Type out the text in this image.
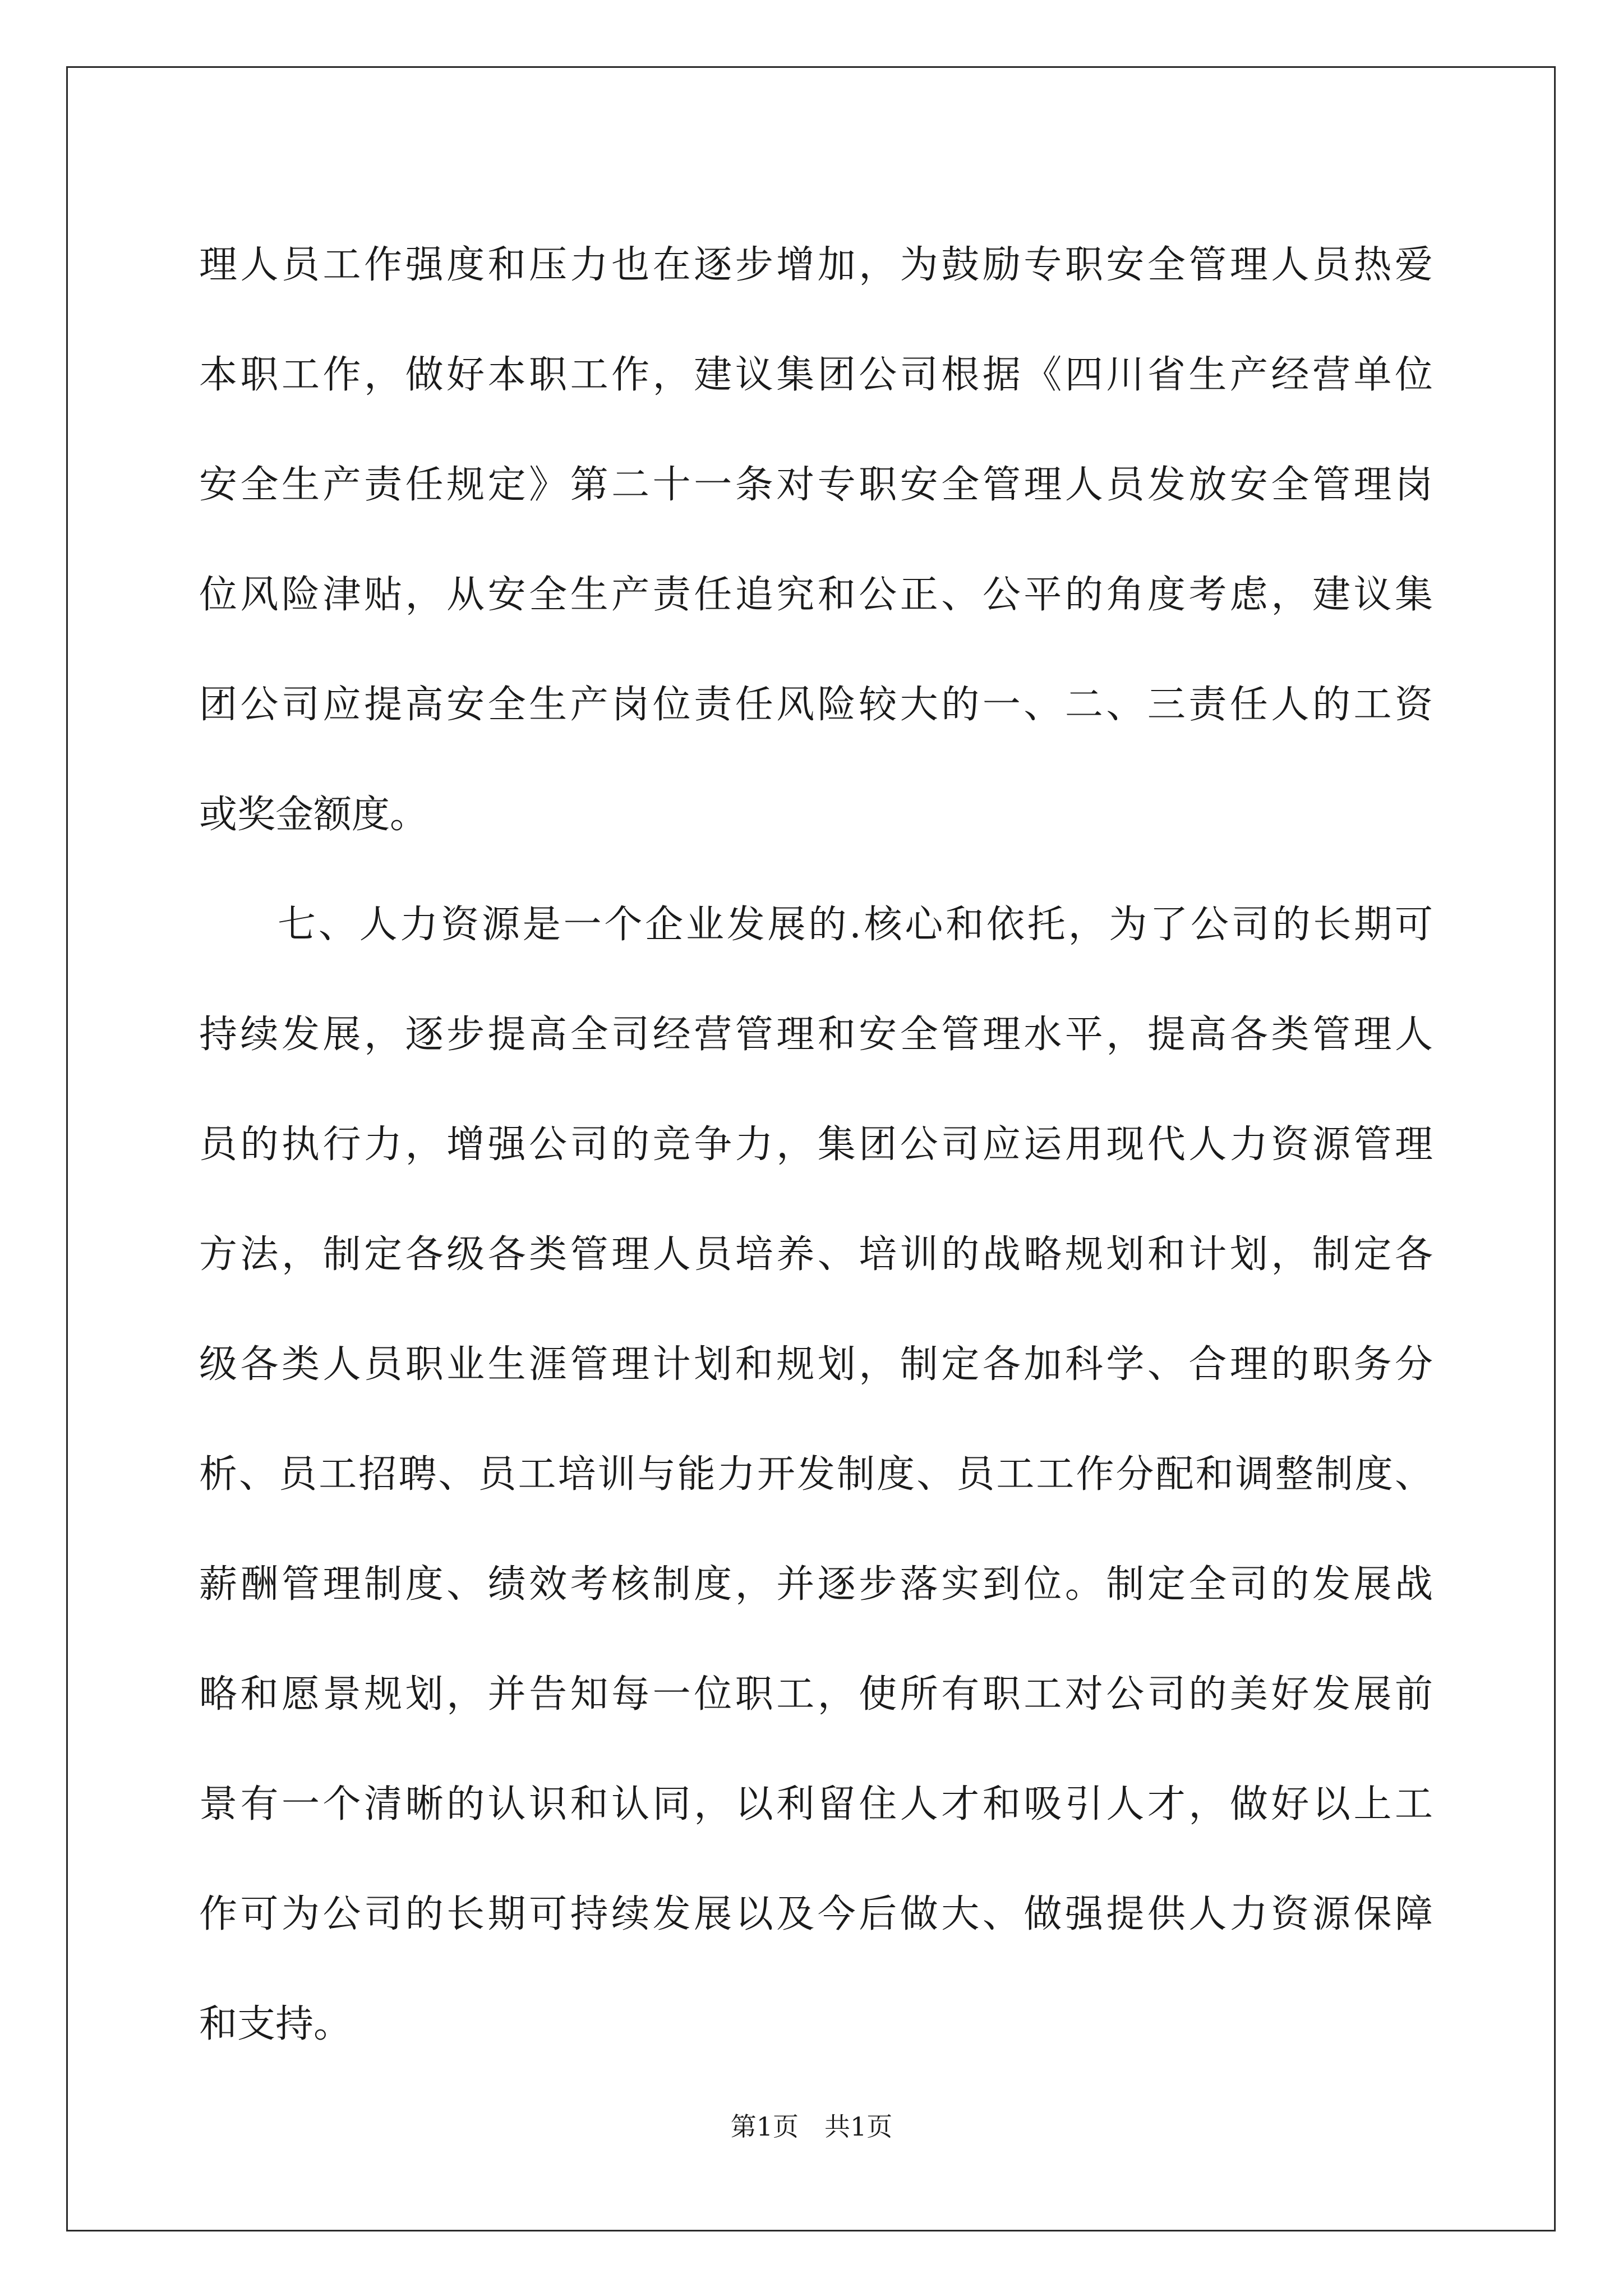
理人员工作强度和压力也在逐步增加，为鼓励专职安全管理人员热爱
本职工作，做好本职工作，建议集团公司根据《四川省生产经营单位
安全生产责任规定》第二十一条对专职安全管理人员发放安全管理岗
位风险津贴，从安全生产责任追究和公正、公平的角度考虑，建议集
团公司应提高安全生产岗位责任风险较大的一、二、三责任人的工资
或奖金额度。
七、人力资源是一个企业发展的.核心和依托，为了公司的长期可
持续发展，逐步提高全司经营管理和安全管理水平，提高各类管理人
员的执行力，增强公司的竞争力，集团公司应运用现代人力资源管理
方法，制定各级各类管理人员培养、培训的战略规划和计划，制定各
级各类人员职业生涯管理计划和规划，制定各加科学、合理的职务分
析、员工招聘、员工培训与能力开发制度、员工工作分配和调整制度、
薪酬管理制度、绩效考核制度，并逐步落实到位。制定全司的发展战
略和愿景规划，并告知每一位职工，使所有职工对公司的美好发展前
景有一个清晰的认识和认同，以利留住人才和吸引人才，做好以上工
作可为公司的长期可持续发展以及今后做大、做强提供人力资源保障
和支持。
第1页　共1页
